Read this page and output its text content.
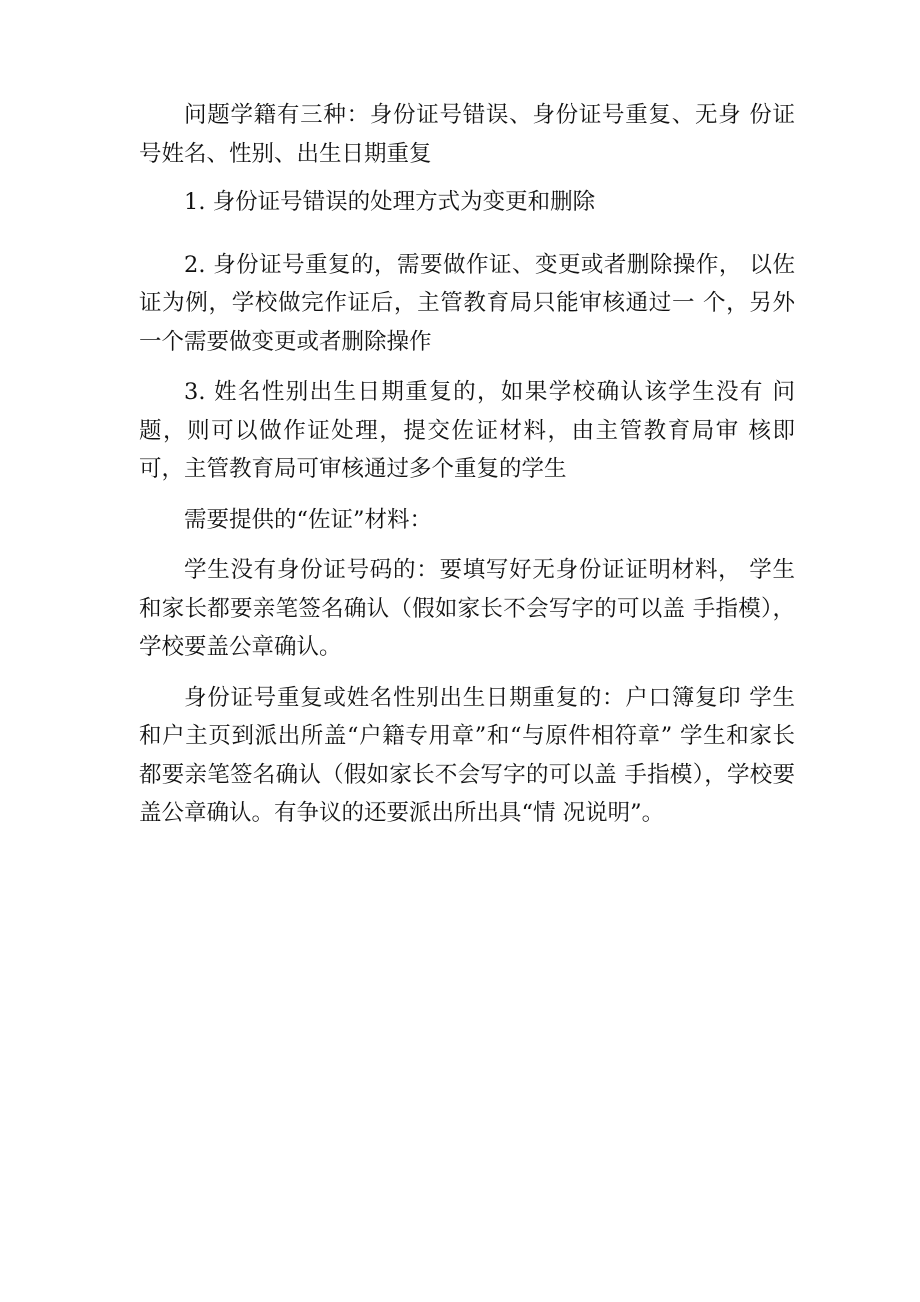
问题学籍有三种：身份证号错误、身份证号重复、无身 份证号姓名、性别、出生日期重复

1. 身份证号错误的处理方式为变更和删除

2. 身份证号重复的，需要做作证、变更或者删除操作， 以佐证为例，学校做完作证后，主管教育局只能审核通过一 个，另外一个需要做变更或者删除操作

3. 姓名性别出生日期重复的，如果学校确认该学生没有 问题，则可以做作证处理，提交佐证材料，由主管教育局审 核即可，主管教育局可审核通过多个重复的学生

需要提供的“佐证”材料：

学生没有身份证号码的：要填写好无身份证证明材料， 学生和家长都要亲笔签名确认（假如家长不会写字的可以盖 手指模），学校要盖公章确认。

身份证号重复或姓名性别出生日期重复的：户口簿复印 学生和户主页到派出所盖“户籍专用章”和“与原件相符章” 学生和家长都要亲笔签名确认（假如家长不会写字的可以盖 手指模），学校要盖公章确认。有争议的还要派出所出具“情 况说明”。
